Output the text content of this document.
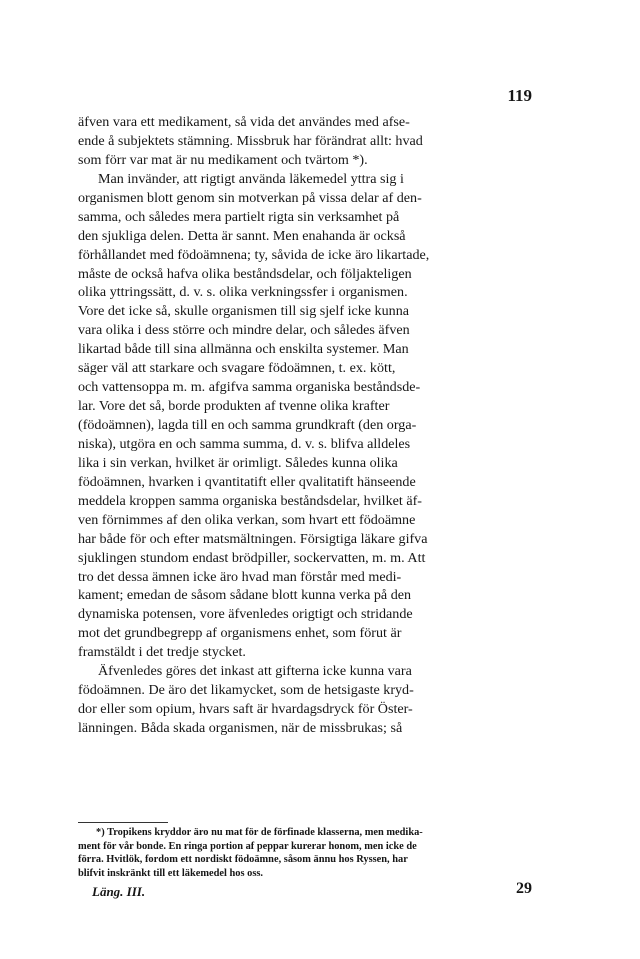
119
äfven vara ett medikament, så vida det användes med afse-
ende å subjektets stämning. Missbruk har förändrat allt: hvad
som förr var mat är nu medikament och tvärtom *).
Man invänder, att rigtigt använda läkemedel yttra sig i
organismen blott genom sin motverkan på vissa delar af den-
samma, och således mera partielt rigta sin verksamhet på
den sjukliga delen. Detta är sannt. Men enahanda är också
förhållandet med födoämnena; ty, såvida de icke äro likartade,
måste de också hafva olika beståndsdelar, och följakteligen
olika yttringssätt, d. v. s. olika verkningssfer i organismen.
Vore det icke så, skulle organismen till sig sjelf icke kunna
vara olika i dess större och mindre delar, och således äfven
likartad både till sina allmänna och enskilta systemer. Man
säger väl att starkare och svagare födoämnen, t. ex. kött,
och vattensoppa m. m. afgifva samma organiska beståndsde-
lar. Vore det så, borde produkten af tvenne olika krafter
(födoämnen), lagda till en och samma grundkraft (den orga-
niska), utgöra en och samma summa, d. v. s. blifva alldeles
lika i sin verkan, hvilket är orimligt. Således kunna olika
födoämnen, hvarken i qvantitatift eller qvalitatift hänseende
meddela kroppen samma organiska beståndsdelar, hvilket äf-
ven förnimmes af den olika verkan, som hvart ett födoämne
har både för och efter matsmältningen. Försigtiga läkare gifva
sjuklingen stundom endast brödpiller, sockervatten, m. m. Att
tro det dessa ämnen icke äro hvad man förstår med medi-
kament; emedan de såsom sådane blott kunna verka på den
dynamiska potensen, vore äfvenledes origtigt och stridande
mot det grundbegrepp af organismens enhet, som förut är
framstäldt i det tredje stycket.
Äfvenledes göres det inkast att gifterna icke kunna vara
födoämnen. De äro det likamycket, som de hetsigaste kryd-
dor eller som opium, hvars saft är hvardagsdryck för Öster-
länningen. Båda skada organismen, när de missbrukas; så
*) Tropikens kryddor äro nu mat för de förfinade klasserna, men medika-
ment för vår bonde. En ringa portion af peppar kurerar honom, men icke de
förra. Hvitlök, fordom ett nordiskt födoämne, såsom ännu hos Ryssen, har
blifvit inskränkt till ett läkemedel hos oss.
Läng. III.	29
